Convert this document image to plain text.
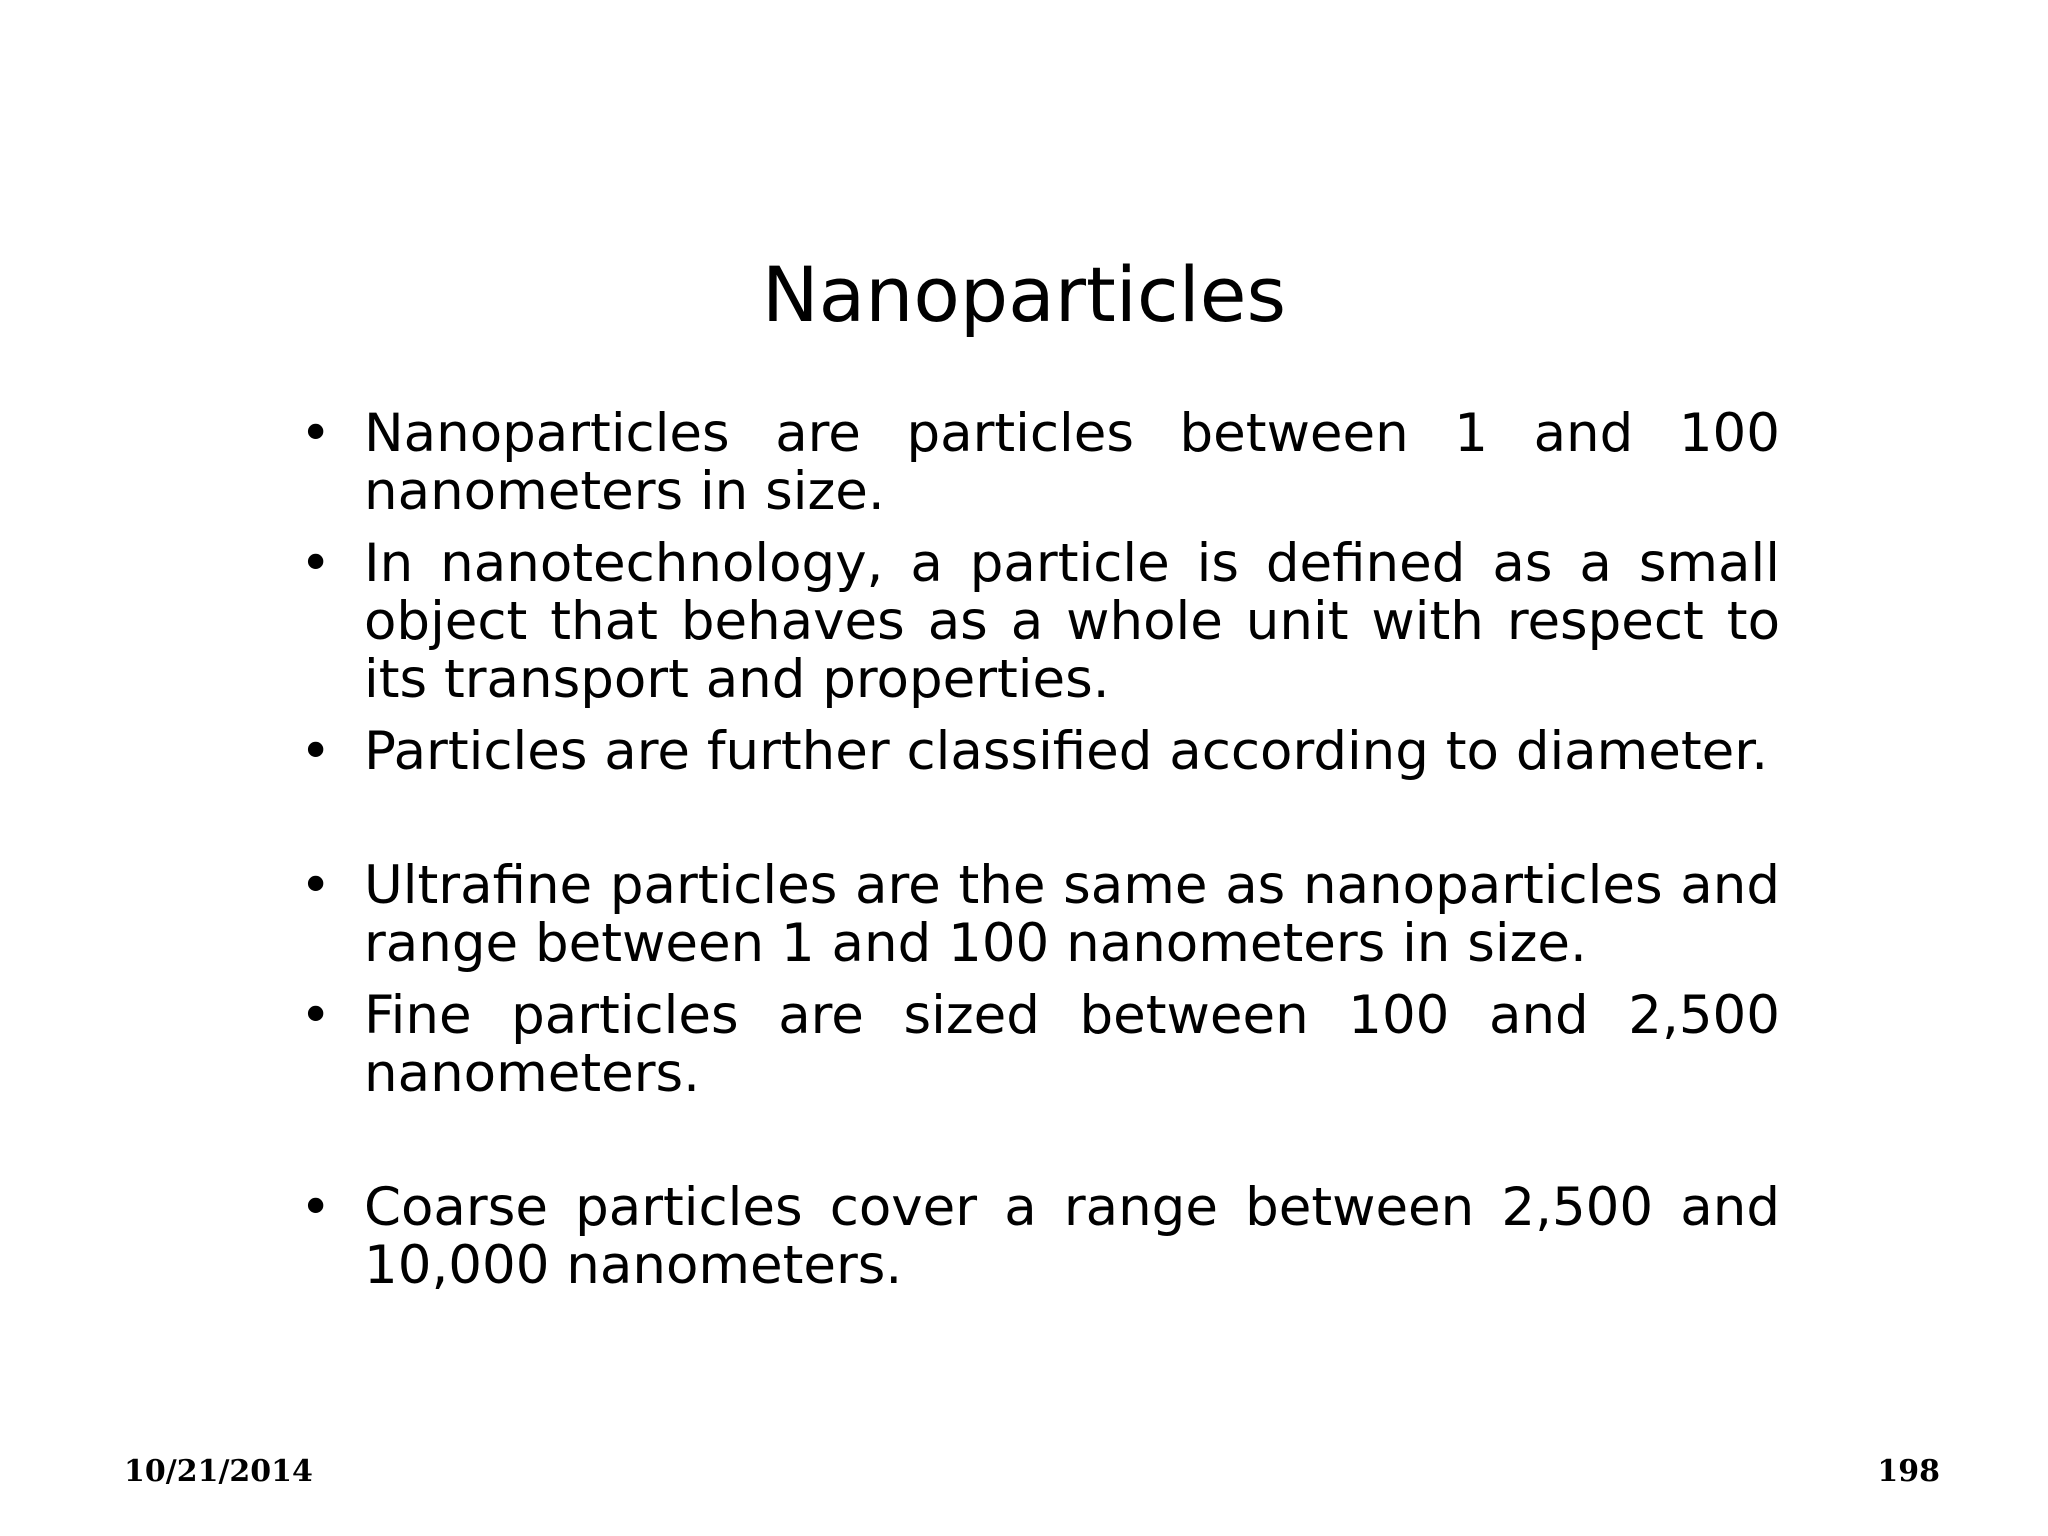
Nanoparticles
• Nanoparticles are particles between 1 and 100 nanometers in size.
• In nanotechnology, a particle is defined as a small object that behaves as a whole unit with respect to its transport and properties.
• Particles are further classified according to diameter.
• Ultrafine particles are the same as nanoparticles and range between 1 and 100 nanometers in size.
• Fine particles are sized between 100 and 2,500 nanometers.
• Coarse particles cover a range between 2,500 and 10,000 nanometers.
10/21/2014	198
